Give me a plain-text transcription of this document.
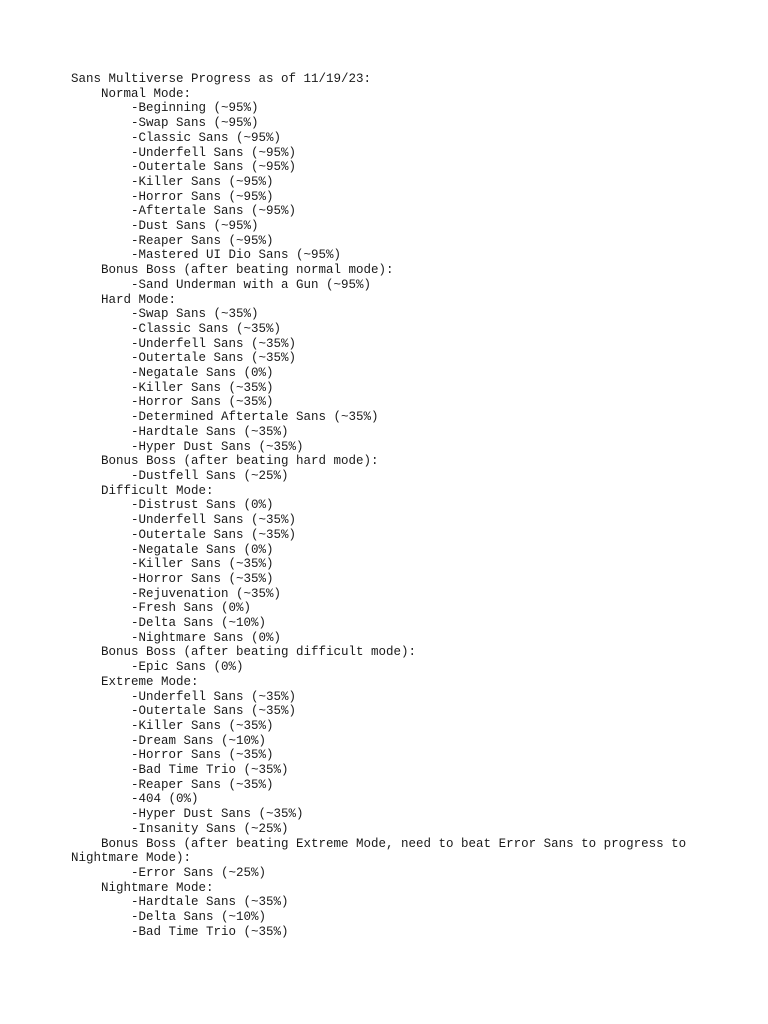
Sans Multiverse Progress as of 11/19/23:
Normal Mode:
-Beginning (~95%)
-Swap Sans (~95%)
-Classic Sans (~95%)
-Underfell Sans (~95%)
-Outertale Sans (~95%)
-Killer Sans (~95%)
-Horror Sans (~95%)
-Aftertale Sans (~95%)
-Dust Sans (~95%)
-Reaper Sans (~95%)
-Mastered UI Dio Sans (~95%)
Bonus Boss (after beating normal mode):
-Sand Underman with a Gun (~95%)
Hard Mode:
-Swap Sans (~35%)
-Classic Sans (~35%)
-Underfell Sans (~35%)
-Outertale Sans (~35%)
-Negatale Sans (0%)
-Killer Sans (~35%)
-Horror Sans (~35%)
-Determined Aftertale Sans (~35%)
-Hardtale Sans (~35%)
-Hyper Dust Sans (~35%)
Bonus Boss (after beating hard mode):
-Dustfell Sans (~25%)
Difficult Mode:
-Distrust Sans (0%)
-Underfell Sans (~35%)
-Outertale Sans (~35%)
-Negatale Sans (0%)
-Killer Sans (~35%)
-Horror Sans (~35%)
-Rejuvenation (~35%)
-Fresh Sans (0%)
-Delta Sans (~10%)
-Nightmare Sans (0%)
Bonus Boss (after beating difficult mode):
-Epic Sans (0%)
Extreme Mode:
-Underfell Sans (~35%)
-Outertale Sans (~35%)
-Killer Sans (~35%)
-Dream Sans (~10%)
-Horror Sans (~35%)
-Bad Time Trio (~35%)
-Reaper Sans (~35%)
-404 (0%)
-Hyper Dust Sans (~35%)
-Insanity Sans (~25%)
Bonus Boss (after beating Extreme Mode, need to beat Error Sans to progress to Nightmare Mode):
-Error Sans (~25%)
Nightmare Mode:
-Hardtale Sans (~35%)
-Delta Sans (~10%)
-Bad Time Trio (~35%)
